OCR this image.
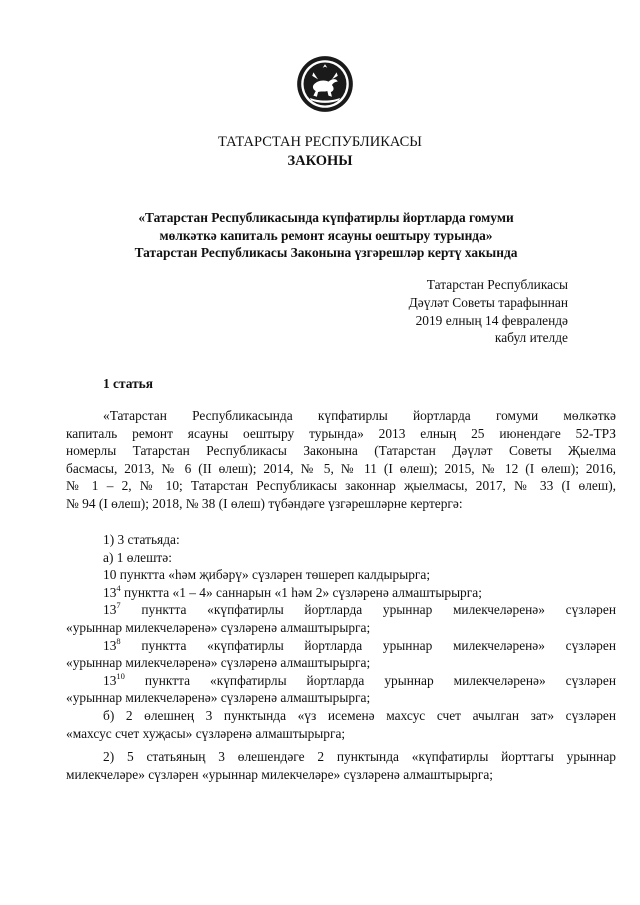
ТАТАРСТАН РЕСПУБЛИКАСЫ
ЗАКОНЫ
«Татарстан Республикасында күпфатирлы йортларда гомуми
мөлкәткә капиталь ремонт ясауны оештыру турында»
Татарстан Республикасы Законына үзгәрешләр кертү хакында
Татарстан Республикасы
Дәүләт Советы тарафыннан
2019 елның 14 февралендә
кабул ителде
1 статья
«Татарстан Республикасында күпфатирлы йортларда гомуми мөлкәткә
капиталь ремонт ясауны оештыру турында» 2013 елның 25 июнендәге 52-ТРЗ
номерлы Татарстан Республикасы Законына (Татарстан Дәүләт Советы Җыелма
басмасы, 2013, № 6 (II өлеш); 2014, № 5, № 11 (I өлеш); 2015, № 12 (I өлеш); 2016,
№ 1 – 2, № 10; Татарстан Республикасы законнар җыелмасы, 2017, № 33 (I өлеш),
№ 94 (I өлеш); 2018, № 38 (I өлеш) түбәндәге үзгәрешләрне кертергә:
1) 3 статьяда:
а) 1 өлештә:
10 пунктта «һәм җибәрү» сүзләрен төшереп калдырырга;
$13^4$ пунктта «1 – 4» саннарын «1 һәм 2» сүзләренә алмаштырырга;
$13^7$ пунктта «күпфатирлы йортларда урыннар милекчеләренә» сүзләрен
«урыннар милекчеләренә» сүзләренә алмаштырырга;
$13^8$ пунктта «күпфатирлы йортларда урыннар милекчеләренә» сүзләрен
«урыннар милекчеләренә» сүзләренә алмаштырырга;
$13^{10}$ пунктта «күпфатирлы йортларда урыннар милекчеләренә» сүзләрен
«урыннар милекчеләренә» сүзләренә алмаштырырга;
б) 2 өлешнең 3 пунктында «үз исеменә махсус счет ачылган зат» сүзләрен
«махсус счет хуҗасы» сүзләренә алмаштырырга;
2) 5 статьяның 3 өлешендәге 2 пунктында «күпфатирлы йорттагы урыннар
милекчеләре» сүзләрен «урыннар милекчеләре» сүзләренә алмаштырырга;
